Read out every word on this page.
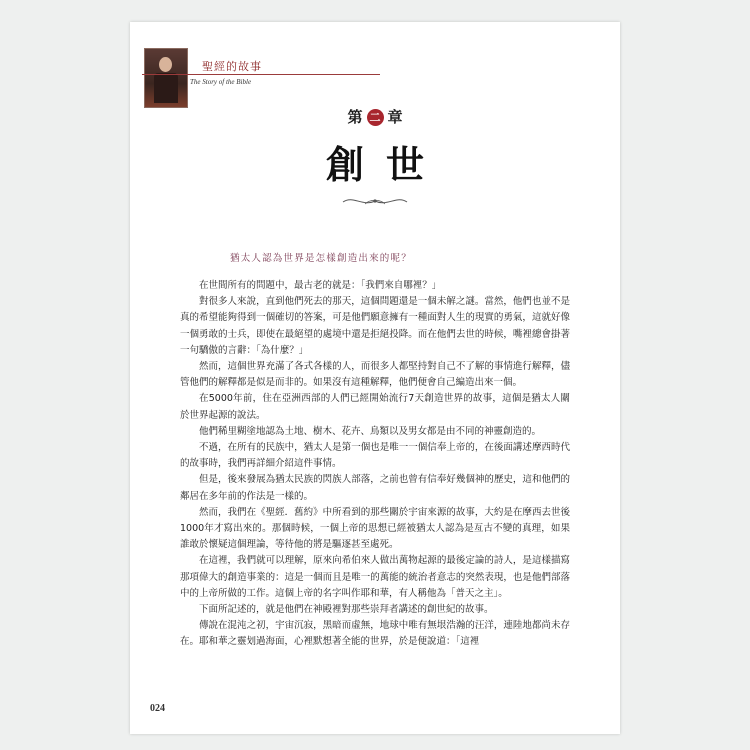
聖經的故事
The Story of the Bible
第 二 章
創世
猶太人認為世界是怎樣創造出來的呢？

在世間所有的問題中，最古老的就是：「我們來自哪裡？」

對很多人來說，直到他們死去的那天，這個問題還是一個未解之謎。當然，他們也並不是真的希望能夠得到一個確切的答案，可是他們願意擁有一種面對人生的現實的勇氣，這就好像一個勇敢的士兵，即使在最絕望的處境中還是拒絕投降。而在他們去世的時候，嘴裡總會掛著一句驕傲的言辭：「為什麼？」

然而，這個世界充滿了各式各樣的人，而很多人都堅持對自己不了解的事情進行解釋，儘管他們的解釋都是似是而非的。如果沒有這種解釋，他們便會自己編造出來一個。

在5000年前，住在亞洲西部的人們已經開始流行7天創造世界的故事，這個是猶太人關於世界起源的說法。

他們稀里糊塗地認為土地、樹木、花卉、鳥類以及男女都是由不同的神靈創造的。

不過，在所有的民族中，猶太人是第一個也是唯一一個信奉上帝的，在後面講述摩西時代的故事時，我們再詳細介紹這件事情。

但是，後來發展為猶太民族的閃族人部落，之前也曾有信奉好幾個神的歷史，這和他們的鄰居在多年前的作法是一樣的。

然而，我們在《聖經．舊約》中所看到的那些關於宇宙來源的故事，大約是在摩西去世後1000年才寫出來的。那個時候，一個上帝的思想已經被猶太人認為是亙古不變的真理，如果誰敢於懷疑這個理論，等待他的將是驅逐甚至處死。

在這裡，我們就可以理解，原來向希伯來人做出萬物起源的最後定論的詩人，是這樣描寫那項偉大的創造事業的：這是一個而且是唯一的萬能的統治者意志的突然表現，也是他們部落中的上帝所做的工作。這個上帝的名字叫作耶和華，有人稱他為「普天之主」。

下面所記述的，就是他們在神殿裡對那些崇拜者講述的創世紀的故事。

傳說在混沌之初，宇宙沉寂，黑暗而虛無，地球中唯有無垠浩瀚的汪洋，連陸地都尚未存在。耶和華之靈划過海面，心裡默想著全能的世界，於是便說道：「這裡

024
